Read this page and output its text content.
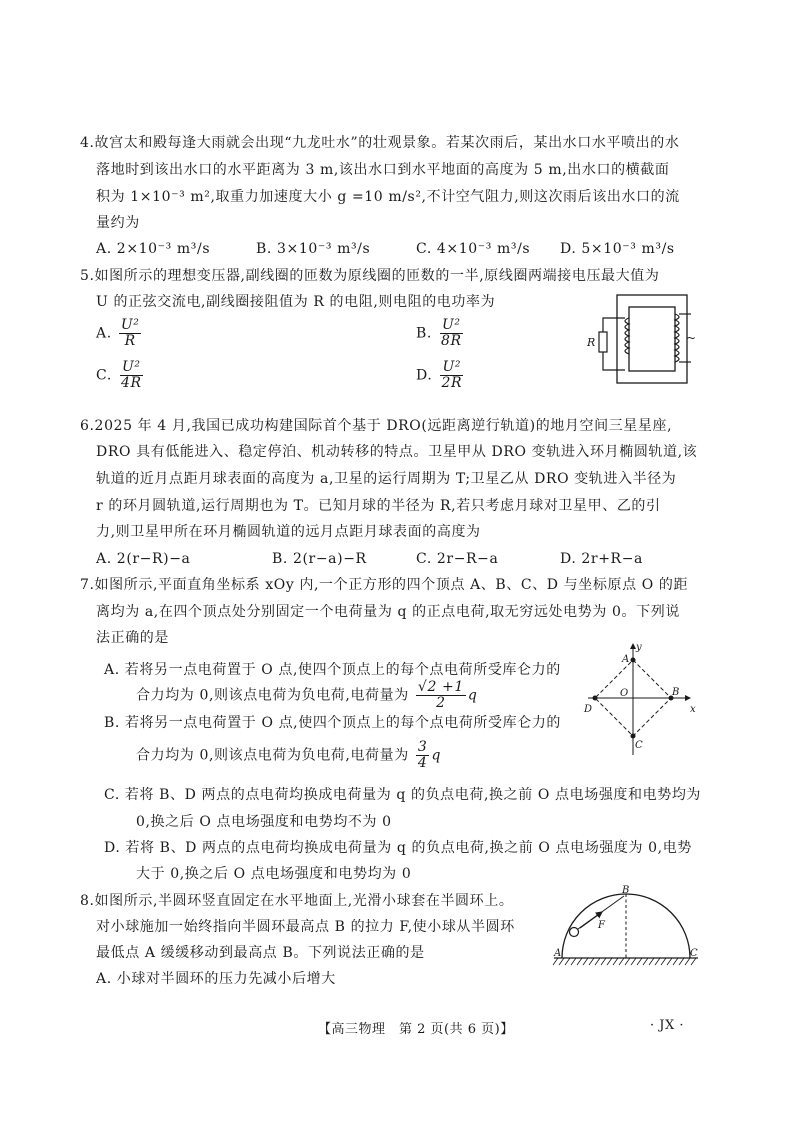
4.故宫太和殿每逢大雨就会出现“九龙吐水”的壮观景象。若某次雨后，某出水口水平喷出的水
落地时到该出水口的水平距离为 3 m,该出水口到水平地面的高度为 5 m,出水口的横截面
积为 1×10⁻³ m²,取重力加速度大小 g =10 m/s²,不计空气阻力,则这次雨后该出水口的流
量约为
A. 2×10⁻³ m³/s	B. 3×10⁻³ m³/s	C. 4×10⁻³ m³/s D. 5×10⁻³ m³/s
5.如图所示的理想变压器,副线圈的匝数为原线圈的匝数的一半,原线圈两端接电压最大值为
U 的正弦交流电,副线圈接阻值为 R 的电阻,则电阻的电功率为
A. $\frac{\text{U²}}{R}$	B. $\frac{\text{U²}}{8R}$
C. $\frac{\text{U²}}{4R}$	D. $\frac{\text{U²}}{2R}$
R	~
6.2025 年 4 月,我国已成功构建国际首个基于 DRO(远距离逆行轨道)的地月空间三星星座,
DRO 具有低能进入、稳定停泊、机动转移的特点。卫星甲从 DRO 变轨进入环月椭圆轨道,该
轨道的近月点距月球表面的高度为 a,卫星的运行周期为 T;卫星乙从 DRO 变轨进入半径为
r 的环月圆轨道,运行周期也为 T。已知月球的半径为 R,若只考虑月球对卫星甲、乙的引
力,则卫星甲所在环月椭圆轨道的远月点距月球表面的高度为
A. 2(r−R)−a	B. 2(r−a)−R	C. 2r−R−a	D. 2r+R−a
7.如图所示,平面直角坐标系 xOy 内,一个正方形的四个顶点 A、B、C、D 与坐标原点 O 的距
离均为 a,在四个顶点处分别固定一个电荷量为 q 的正点电荷,取无穷远处电势为 0。下列说
法正确的是
A. 若将另一点电荷置于 O 点,使四个顶点上的每个点电荷所受库仑力的
合力均为 0,则该点电荷为负电荷,电荷量为 $\frac{√2 +1}{2}$ q
B. 若将另一点电荷置于 O 点,使四个顶点上的每个点电荷所受库仑力的
合力均为 0,则该点电荷为负电荷,电荷量为 $\frac{3}{4}$ q
C. 若将 B、D 两点的点电荷均换成电荷量为 q 的负点电荷,换之前 O 点电场强度和电势均为
0,换之后 O 点电场强度和电势均不为 0
D. 若将 B、D 两点的点电荷均换成电荷量为 q 的负点电荷,换之前 O 点电场强度为 0,电势
大于 0,换之后 O 点电场强度和电势均为 0
y
x
O
A
B
C
D
8.如图所示,半圆环竖直固定在水平地面上,光滑小球套在半圆环上。
对小球施加一始终指向半圆环最高点 B 的拉力 F,使小球从半圆环
最低点 A 缓缓移动到最高点 B。下列说法正确的是
A. 小球对半圆环的压力先减小后增大
F
B
A	C
【高三物理　第 2 页(共 6 页)】	· JX ·
